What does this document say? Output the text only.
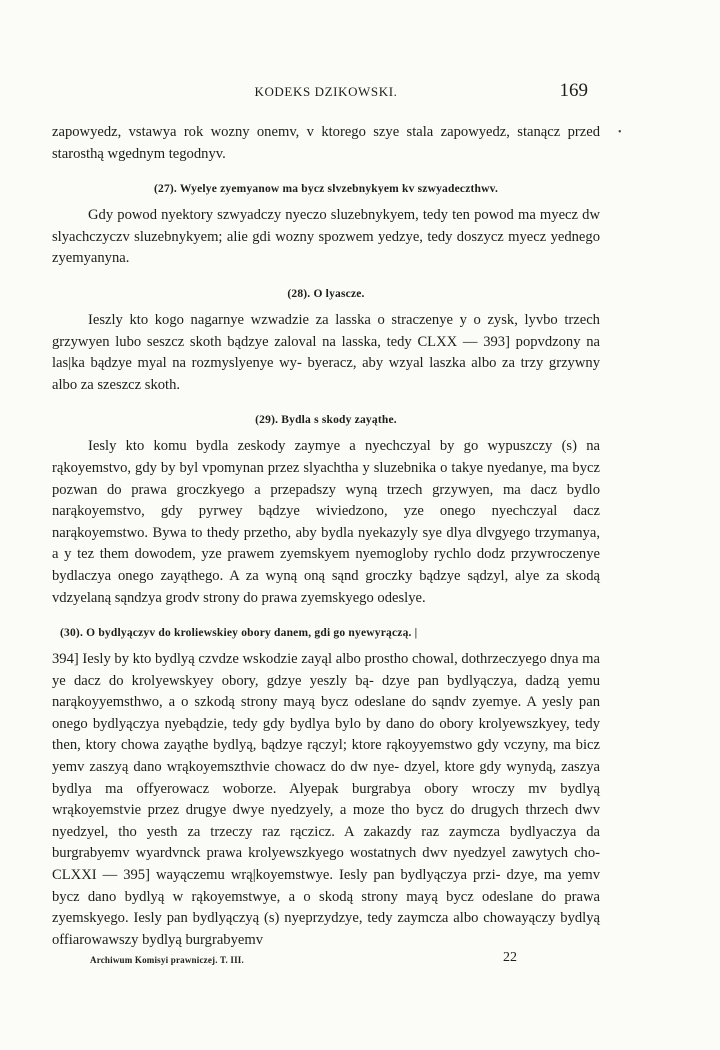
•
KODEKS DZIKOWSKI.	169

zapowyedz, vstawya rok wozny onemv, v ktorego szye stala zapowyedz, stanącz przed starosthą wgednym tegodnyv.

(27). Wyelye zyemyanow ma bycz slvzebnykyem kv szwyadeczthwv.

Gdy powod nyektory szwyadczy nyeczo sluzebnykyem, tedy ten powod ma myecz dw slyachczyczv sluzebnykyem; alie gdi wozny spozwem yedzye, tedy doszycz myecz yednego zyemyanyna.

(28). O lyascze.

Ieszly kto kogo nagarnye wzwadzie za lasska o straczenye y o zysk, lyvbo trzech grzywyen lubo seszcz skoth bądzye zaloval na lasska, tedy CLXX — 393] popvdzony na las|ka bądzye myal na rozmyslyenye wy- byeracz, aby wzyal laszka albo za trzy grzywny albo za szeszcz skoth.

(29). Bydla s skody zayąthe.

Iesly kto komu bydla zeskody zaymye a nyechczyal by go wypuszczy (s) na rąkoyemstvo, gdy by byl vpomynan przez slyachtha y sluzebnika o takye nyedanye, ma bycz pozwan do prawa groczkyego a przepadszy wyną trzech grzywyen, ma dacz bydlo narąkoyemstvo, gdy pyrwey bądzye wiviedzono, yze onego nyechczyal dacz narąkoyemstwo. Bywa to thedy przetho, aby bydla nyekazyly sye dlya dlvgyego trzymanya, a y tez them dowodem, yze prawem zyemskyem nyemogloby rychlo dodz przywroczenye bydlaczya onego zayąthego. A za wyną oną sąnd groczky bądzye sądzyl, alye za skodą vdzyelaną sąndzya grodv strony do prawa zyemskyego odeslye.

(30). O bydlyączyv do kroliewskiey obory danem, gdi go nyewyrączą. |

394] Iesly by kto bydlyą czvdze wskodzie zayąl albo prostho chowal, dothrzeczyego dnya ma ye dacz do krolyewskyey obory, gdzye yeszly bą- dzye pan bydlyączya, dadzą yemu narąkoyyemsthwo, a o szkodą strony mayą bycz odeslane do sąndv zyemye. A yesly pan onego bydlyączya nyebądzie, tedy gdy bydlya bylo by dano do obory krolyewszkyey, tedy then, ktory chowa zayąthe bydlyą, bądzye rączyl; ktore rąkoyyemstwo gdy vczyny, ma bicz yemv zaszyą dano wrąkoyemszthvie chowacz do dw nye- dzyel, ktore gdy wynydą, zaszya bydlya ma offyerowacz woborze. Alyepak burgrabya obory wroczy mv bydlyą wrąkoyemstvie przez drugye dwye nyedzyely, a moze tho bycz do drugych thrzech dwv nyedzyel, tho yesth za trzeczy raz rączicz. A zakazdy raz zaymcza bydlyaczya da burgrabyemv wyardvnck prawa krolyewszkyego wostatnych dwv nyedzyel zawytych cho- CLXXI — 395] wayączemu wrą|koyemstwye. Iesly pan bydlyączya przi- dzye, ma yemv bycz dano bydlyą w rąkoyemstwye, a o skodą strony mayą bycz odeslane do prawa zyemskyego. Iesly pan bydlyączyą (s) nyeprzydzye, tedy zaymcza albo chowayączy bydlyą offiarowawszy bydlyą burgrabyemv

Archiwum Komisyi prawniczej. T. III.	22
